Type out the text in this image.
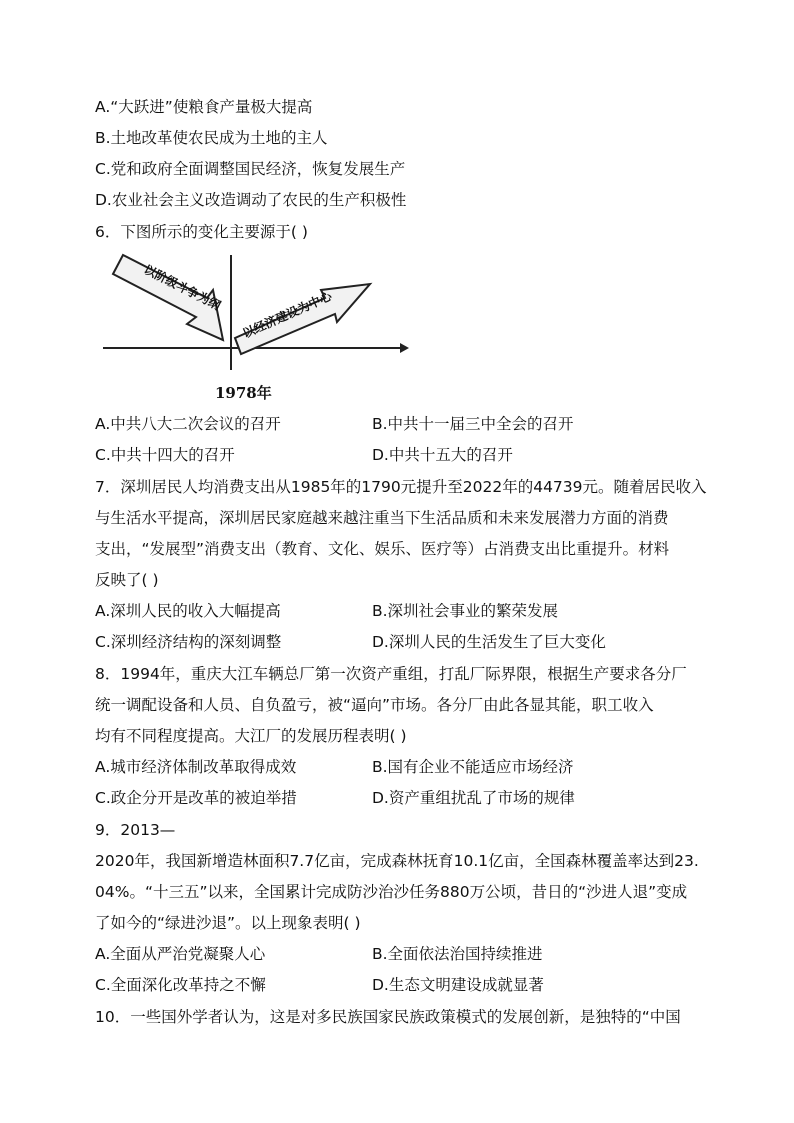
A.“大跃进”使粮食产量极大提高
B.土地改革使农民成为土地的主人
C.党和政府全面调整国民经济，恢复发展生产
D.农业社会主义改造调动了农民的生产积极性
6．下图所示的变化主要源于( )
以阶级斗争为纲
以经济建设为中心
1978年
A.中共八大二次会议的召开	B.中共十一届三中全会的召开
C.中共十四大的召开	D.中共十五大的召开
7．深圳居民人均消费支出从1985年的1790元提升至2022年的44739元。随着居民收入
与生活水平提高，深圳居民家庭越来越注重当下生活品质和未来发展潜力方面的消费
支出，“发展型”消费支出（教育、文化、娱乐、医疗等）占消费支出比重提升。材料
反映了( )
A.深圳人民的收入大幅提高	B.深圳社会事业的繁荣发展
C.深圳经济结构的深刻调整	D.深圳人民的生活发生了巨大变化
8．1994年，重庆大江车辆总厂第一次资产重组，打乱厂际界限，根据生产要求各分厂
统一调配设备和人员、自负盈亏，被“逼向”市场。各分厂由此各显其能，职工收入
均有不同程度提高。大江厂的发展历程表明( )
A.城市经济体制改革取得成效	B.国有企业不能适应市场经济
C.政企分开是改革的被迫举措	D.资产重组扰乱了市场的规律
9．2013—
2020年，我国新增造林面积7.7亿亩，完成森林抚育10.1亿亩，全国森林覆盖率达到23.
04%。“十三五”以来，全国累计完成防沙治沙任务880万公顷，昔日的“沙进人退”变成
了如今的“绿进沙退”。以上现象表明( )
A.全面从严治党凝聚人心	B.全面依法治国持续推进
C.全面深化改革持之不懈	D.生态文明建设成就显著
10．一些国外学者认为，这是对多民族国家民族政策模式的发展创新，是独特的“中国
